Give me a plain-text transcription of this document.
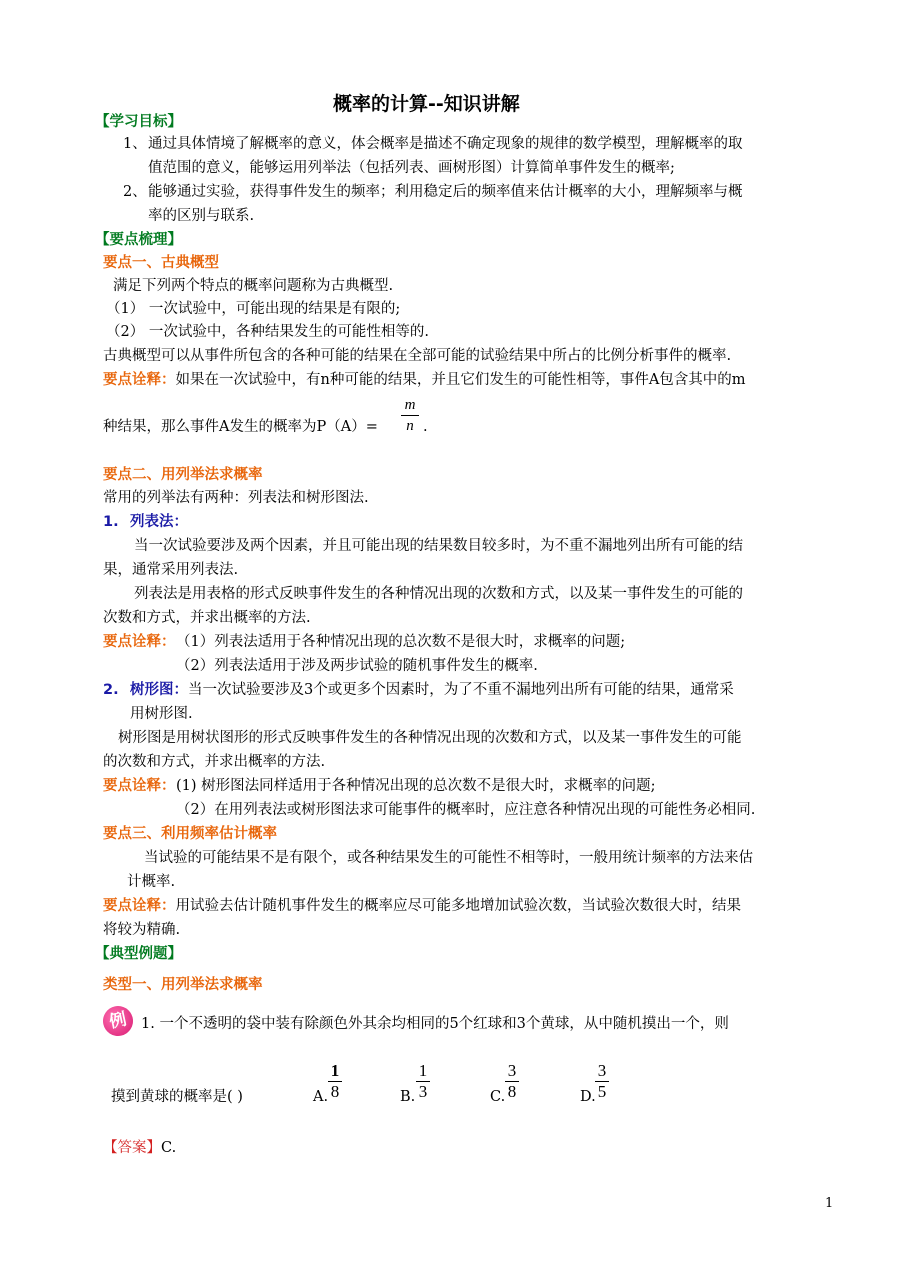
概率的计算--知识讲解
【学习目标】
1、 通过具体情境了解概率的意义，体会概率是描述不确定现象的规律的数学模型，理解概率的取
值范围的意义，能够运用列举法（包括列表、画树形图）计算简单事件发生的概率;
2、 能够通过实验，获得事件发生的频率；利用稳定后的频率值来估计概率的大小，理解频率与概
率的区别与联系.
【要点梳理】
要点一、古典概型
满足下列两个特点的概率问题称为古典概型.
（1） 一次试验中，可能出现的结果是有限的;
（2） 一次试验中，各种结果发生的可能性相等的.
古典概型可以从事件所包含的各种可能的结果在全部可能的试验结果中所占的比例分析事件的概率.
要点诠释：如果在一次试验中，有n种可能的结果，并且它们发生的可能性相等，事件A包含其中的m
种结果，那么事件A发生的概率为P（A）=
m
n .
要点二、用列举法求概率
常用的列举法有两种：列表法和树形图法.
1. 列表法：
当一次试验要涉及两个因素，并且可能出现的结果数目较多时，为不重不漏地列出所有可能的结
果，通常采用列表法.
列表法是用表格的形式反映事件发生的各种情况出现的次数和方式，以及某一事件发生的可能的
次数和方式，并求出概率的方法.
要点诠释： （1）列表法适用于各种情况出现的总次数不是很大时，求概率的问题;
（2）列表法适用于涉及两步试验的随机事件发生的概率.
2. 树形图：当一次试验要涉及3个或更多个因素时，为了不重不漏地列出所有可能的结果，通常采
用树形图.
树形图是用树状图形的形式反映事件发生的各种情况出现的次数和方式，以及某一事件发生的可能
的次数和方式，并求出概率的方法.
要点诠释： (1) 树形图法同样适用于各种情况出现的总次数不是很大时，求概率的问题;
（2）在用列表法或树形图法求可能事件的概率时，应注意各种情况出现的可能性务必相同.
要点三、利用频率估计概率
当试验的可能结果不是有限个，或各种结果发生的可能性不相等时，一般用统计频率的方法来估
计概率.
要点诠释：用试验去估计随机事件发生的概率应尽可能多地增加试验次数，当试验次数很大时，结果
将较为精确.
【典型例题】
类型一、用列举法求概率
例 1. 一个不透明的袋中装有除颜色外其余均相同的5个红球和3个黄球，从中随机摸出一个，则
摸到黄球的概率是( )	A.
1
8	B.
1
3	C.
3
8	D.
3
5
【答案】C.
1
